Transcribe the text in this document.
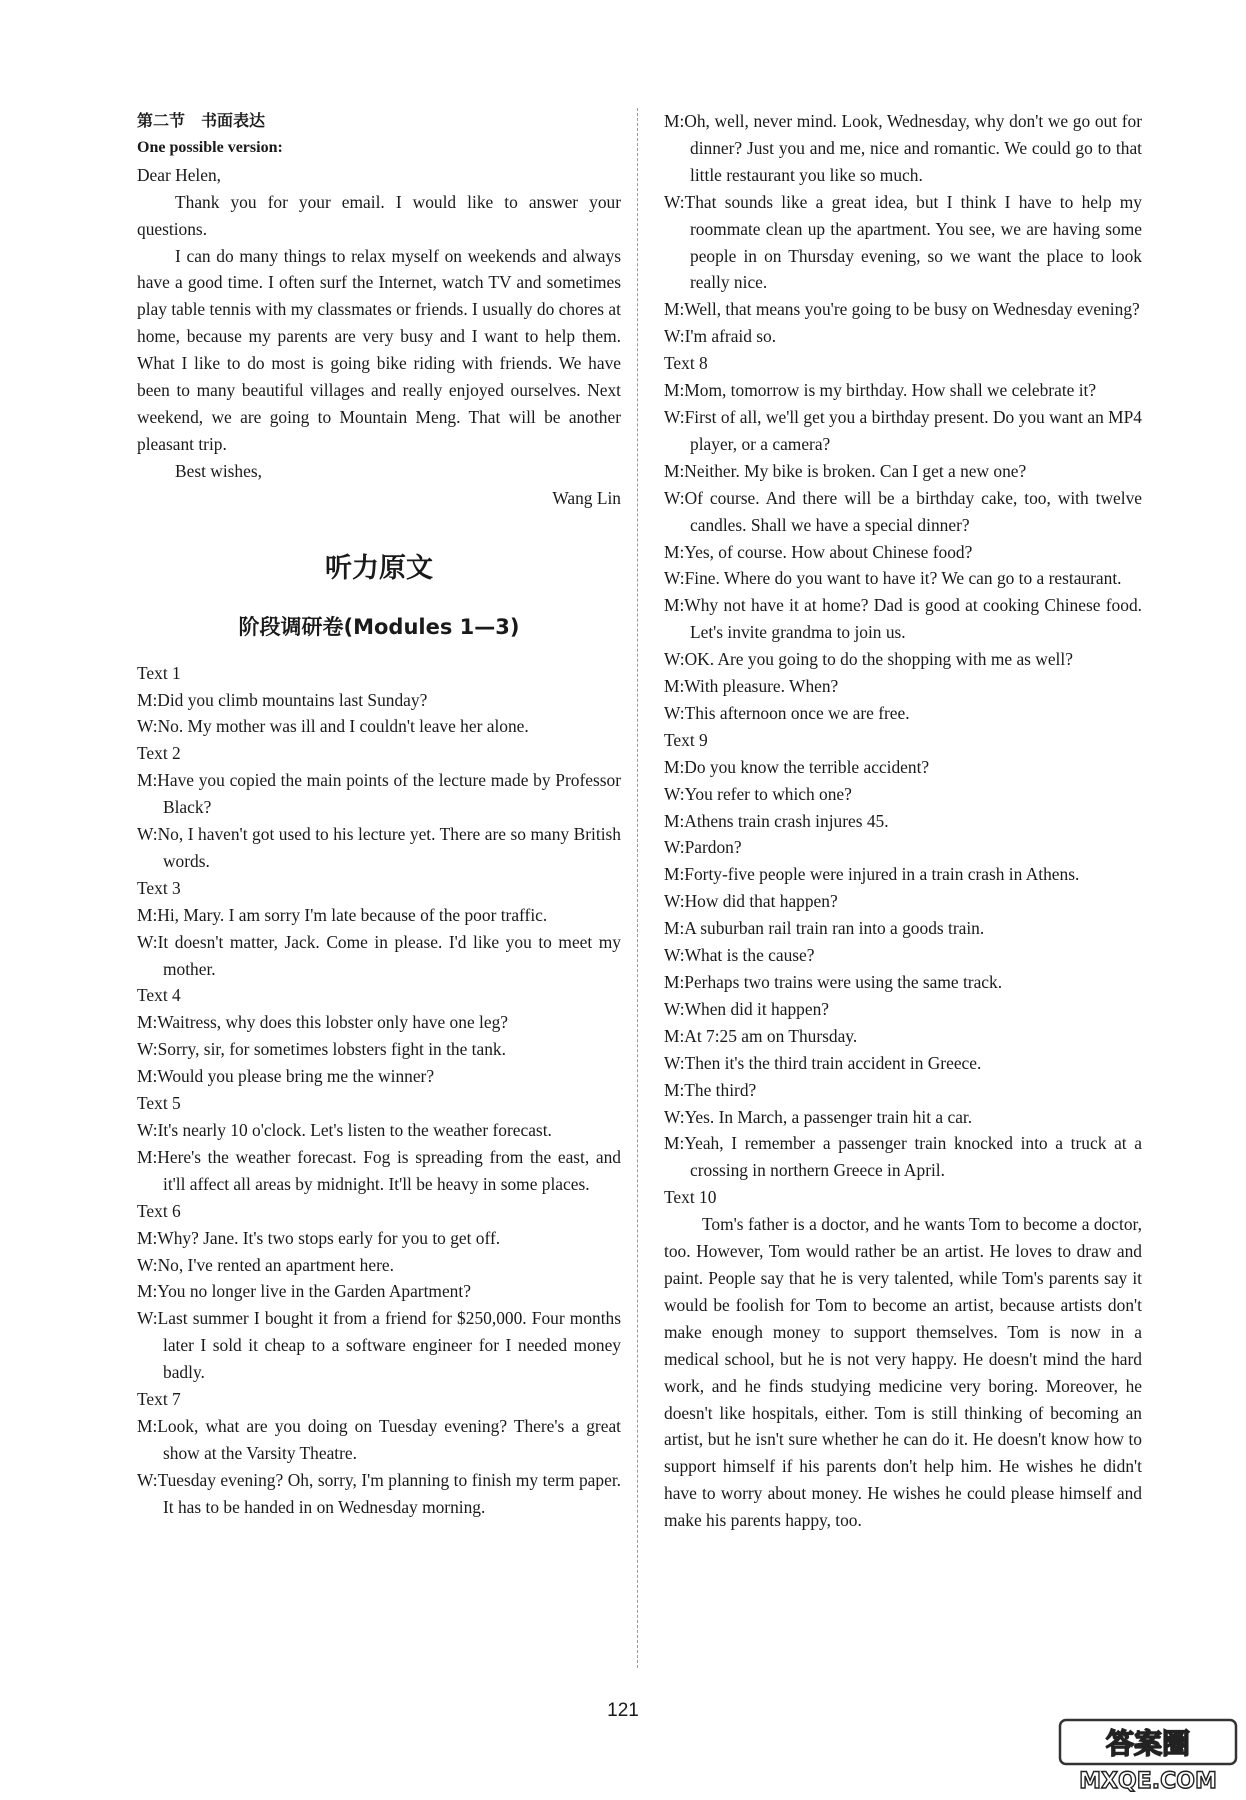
第二节　书面表达
One possible version:
Dear Helen,
Thank you for your email. I would like to answer your questions.
I can do many things to relax myself on weekends and always have a good time. I often surf the Internet, watch TV and sometimes play table tennis with my classmates or friends. I usually do chores at home, because my parents are very busy and I want to help them. What I like to do most is going bike riding with friends. We have been to many beautiful villages and really enjoyed ourselves. Next weekend, we are going to Mountain Meng. That will be another pleasant trip.
Best wishes,
Wang Lin
听力原文
阶段调研卷(Modules 1—3)
Text 1
M:Did you climb mountains last Sunday?
W:No. My mother was ill and I couldn't leave her alone.
Text 2
M:Have you copied the main points of the lecture made by Professor Black?
W:No, I haven't got used to his lecture yet. There are so many British words.
Text 3
M:Hi, Mary. I am sorry I'm late because of the poor traffic.
W:It doesn't matter, Jack. Come in please. I'd like you to meet my mother.
Text 4
M:Waitress, why does this lobster only have one leg?
W:Sorry, sir, for sometimes lobsters fight in the tank.
M:Would you please bring me the winner?
Text 5
W:It's nearly 10 o'clock. Let's listen to the weather forecast.
M:Here's the weather forecast. Fog is spreading from the east, and it'll affect all areas by midnight. It'll be heavy in some places.
Text 6
M:Why? Jane. It's two stops early for you to get off.
W:No, I've rented an apartment here.
M:You no longer live in the Garden Apartment?
W:Last summer I bought it from a friend for $250,000. Four months later I sold it cheap to a software engineer for I needed money badly.
Text 7
M:Look, what are you doing on Tuesday evening? There's a great show at the Varsity Theatre.
W:Tuesday evening? Oh, sorry, I'm planning to finish my term paper. It has to be handed in on Wednesday morning.
M:Oh, well, never mind. Look, Wednesday, why don't we go out for dinner? Just you and me, nice and romantic. We could go to that little restaurant you like so much.
W:That sounds like a great idea, but I think I have to help my roommate clean up the apartment. You see, we are having some people in on Thursday evening, so we want the place to look really nice.
M:Well, that means you're going to be busy on Wednesday evening?
W:I'm afraid so.
Text 8
M:Mom, tomorrow is my birthday. How shall we celebrate it?
W:First of all, we'll get you a birthday present. Do you want an MP4 player, or a camera?
M:Neither. My bike is broken. Can I get a new one?
W:Of course. And there will be a birthday cake, too, with twelve candles. Shall we have a special dinner?
M:Yes, of course. How about Chinese food?
W:Fine. Where do you want to have it? We can go to a restaurant.
M:Why not have it at home? Dad is good at cooking Chinese food. Let's invite grandma to join us.
W:OK. Are you going to do the shopping with me as well?
M:With pleasure. When?
W:This afternoon once we are free.
Text 9
M:Do you know the terrible accident?
W:You refer to which one?
M:Athens train crash injures 45.
W:Pardon?
M:Forty-five people were injured in a train crash in Athens.
W:How did that happen?
M:A suburban rail train ran into a goods train.
W:What is the cause?
M:Perhaps two trains were using the same track.
W:When did it happen?
M:At 7:25 am on Thursday.
W:Then it's the third train accident in Greece.
M:The third?
W:Yes. In March, a passenger train hit a car.
M:Yeah, I remember a passenger train knocked into a truck at a crossing in northern Greece in April.
Text 10
Tom's father is a doctor, and he wants Tom to become a doctor, too. However, Tom would rather be an artist. He loves to draw and paint. People say that he is very talented, while Tom's parents say it would be foolish for Tom to become an artist, because artists don't make enough money to support themselves. Tom is now in a medical school, but he is not very happy. He doesn't mind the hard work, and he finds studying medicine very boring. Moreover, he doesn't like hospitals, either. Tom is still thinking of becoming an artist, but he isn't sure whether he can do it. He doesn't know how to support himself if his parents don't help him. He wishes he didn't have to worry about money. He wishes he could please himself and make his parents happy, too.
121
答案圈
MXQE.COM
